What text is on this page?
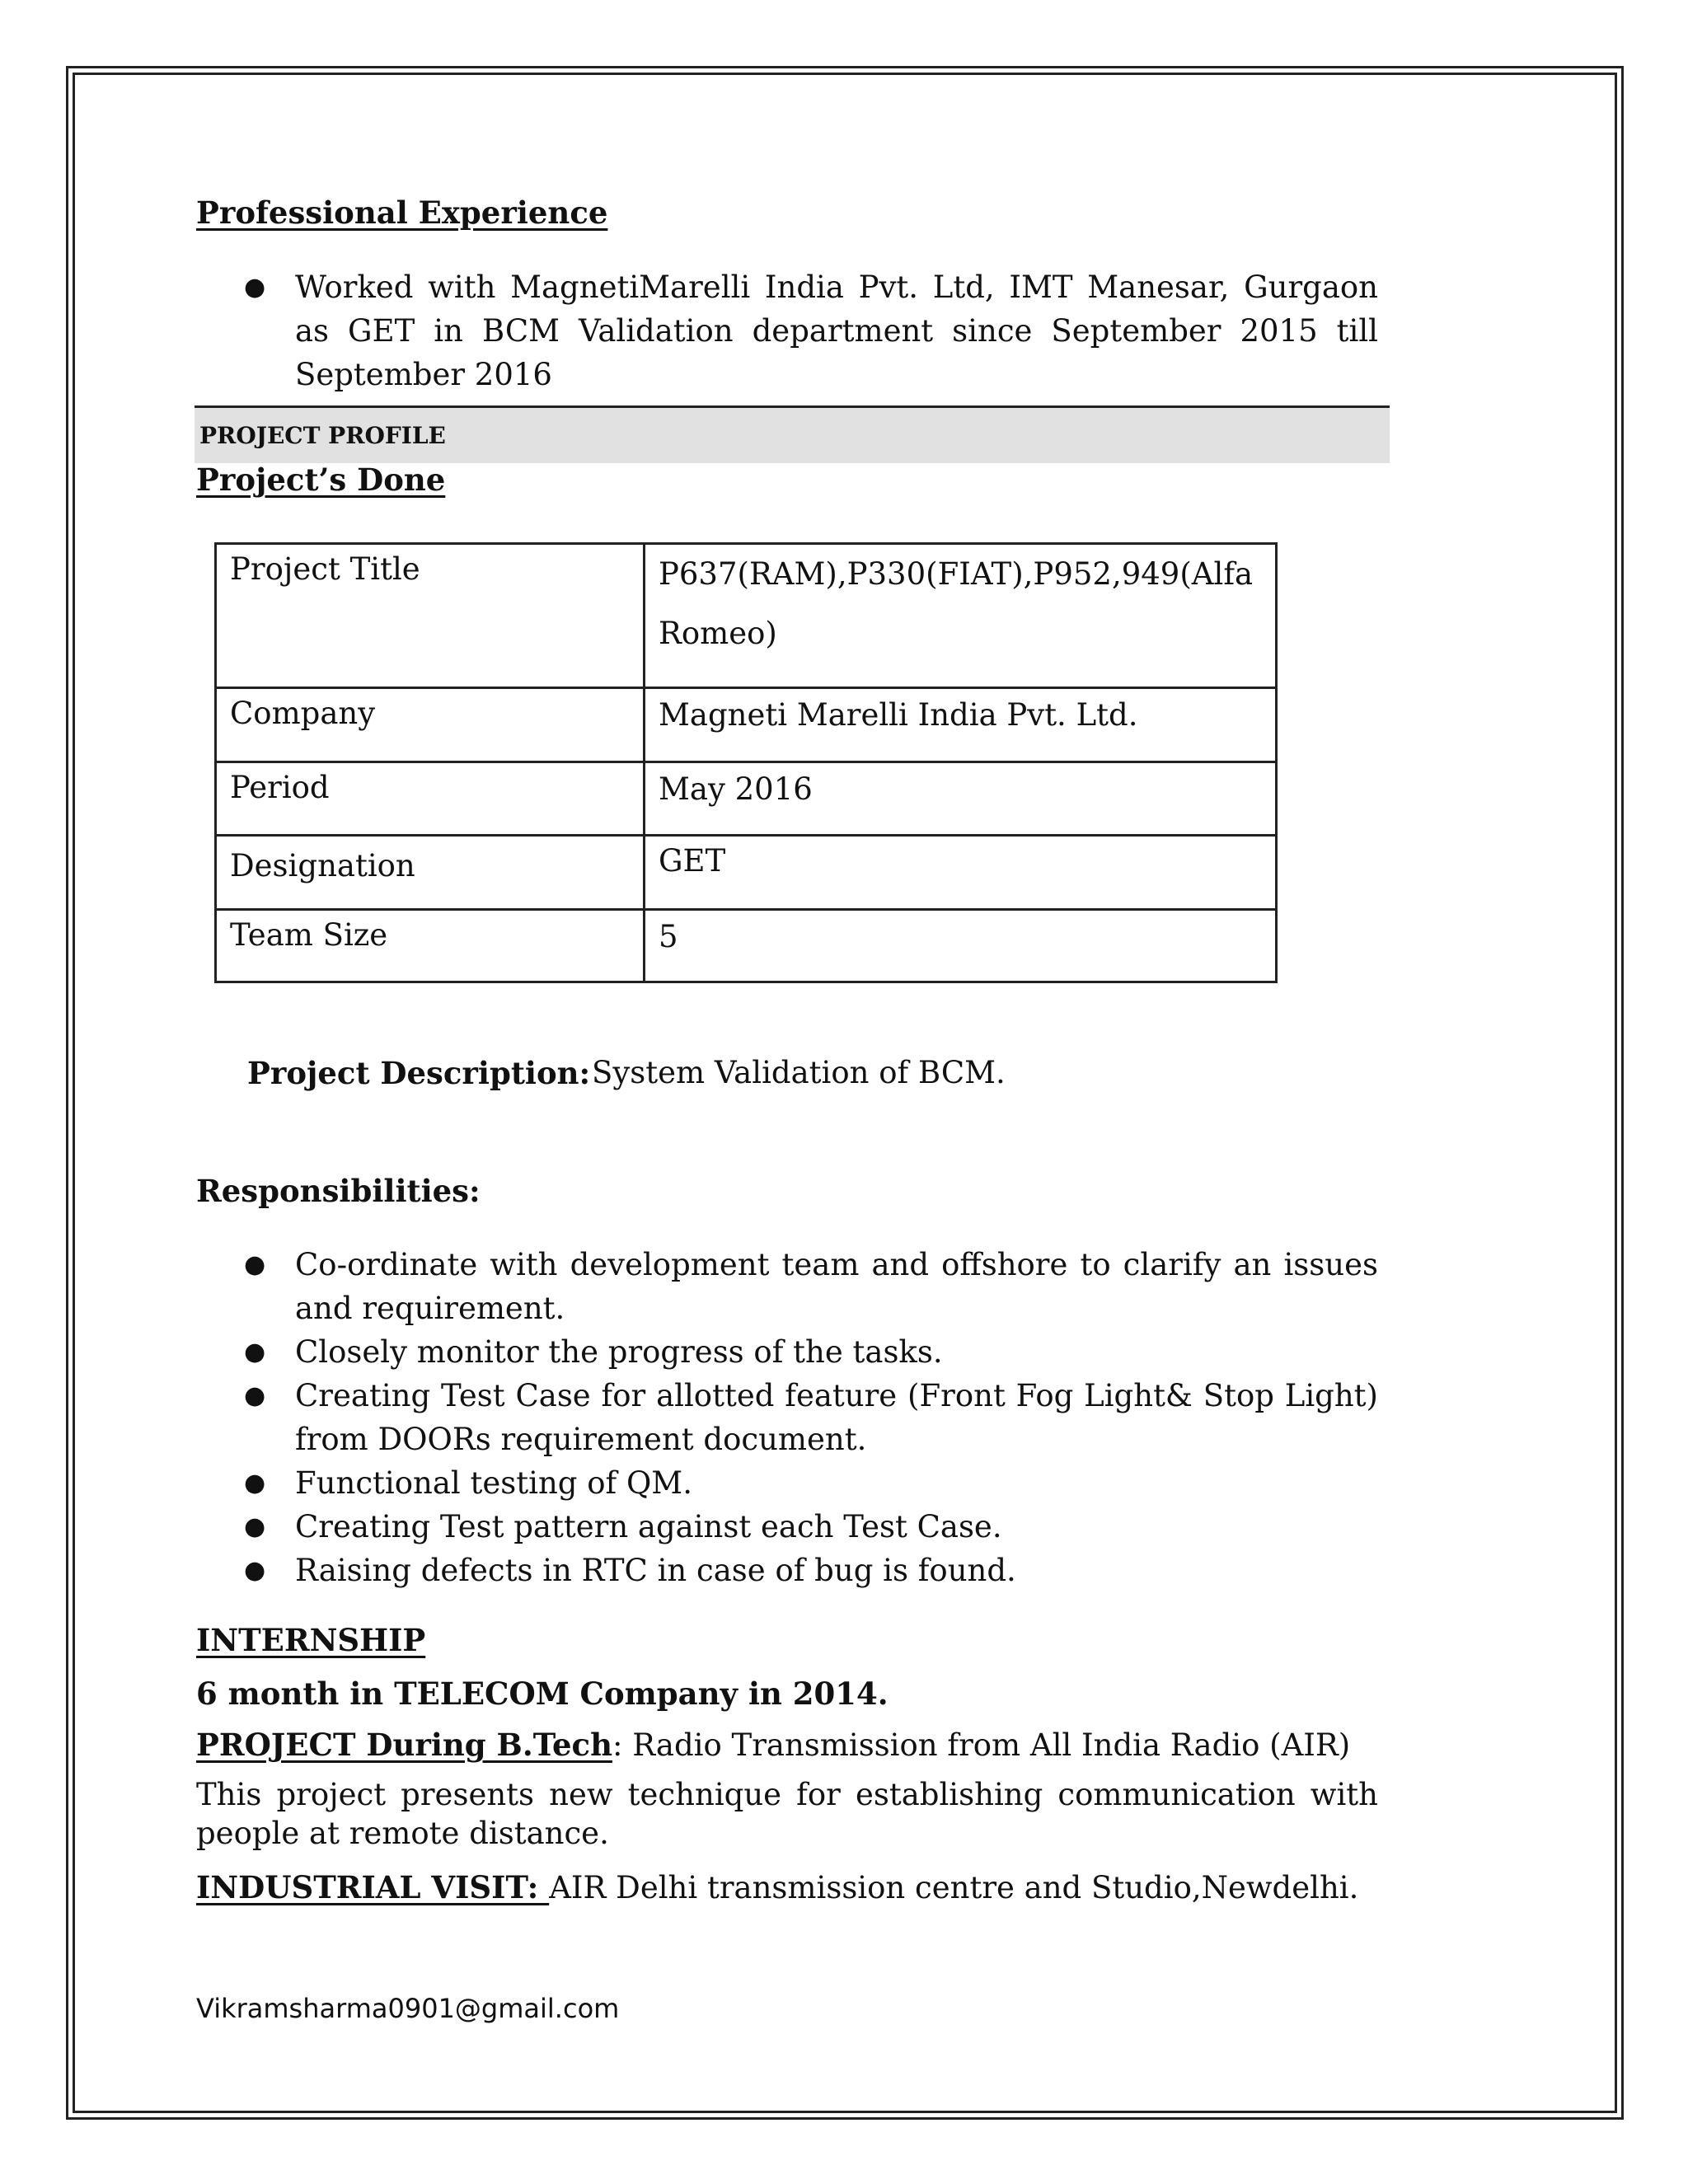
Professional Experience
● Worked with MagnetiMarelli India Pvt. Ltd, IMT Manesar, Gurgaon as GET in BCM Validation department since September 2015 till September 2016
PROJECT PROFILE
Project’s Done
Project Title	P637(RAM),P330(FIAT),P952,949(Alfa Romeo)
Company	Magneti Marelli India Pvt. Ltd.
Period	May 2016
Designation	GET
Team Size	5
Project Description: System Validation of BCM.
Responsibilities:
● Co-ordinate with development team and offshore to clarify an issues and requirement.
● Closely monitor the progress of the tasks.
● Creating Test Case for allotted feature (Front Fog Light& Stop Light) from DOORs requirement document.
● Functional testing of QM.
● Creating Test pattern against each Test Case.
● Raising defects in RTC in case of bug is found.
INTERNSHIP
6 month in TELECOM Company in 2014.
PROJECT During B.Tech: Radio Transmission from All India Radio (AIR)
This project presents new technique for establishing communication with people at remote distance.
INDUSTRIAL VISIT: AIR Delhi transmission centre and Studio,Newdelhi.
Vikramsharma0901@gmail.com
